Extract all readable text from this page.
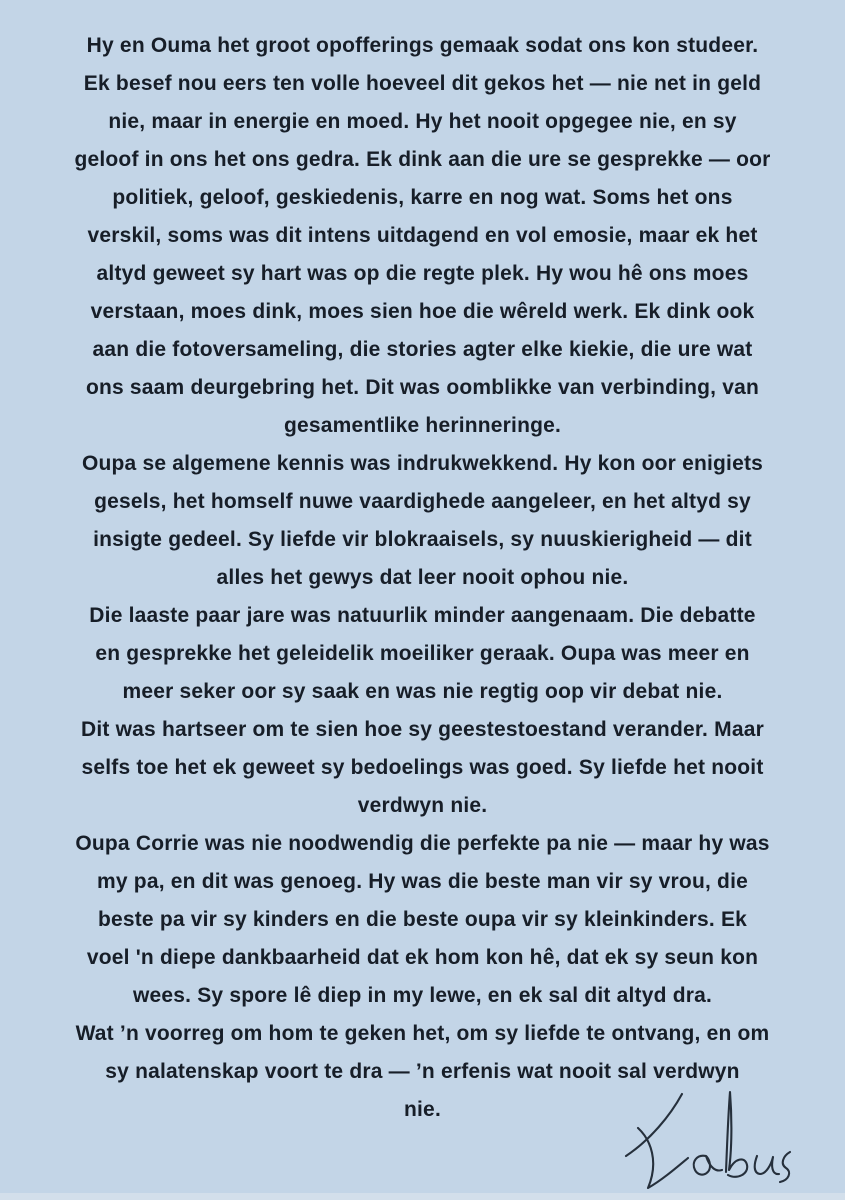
Hy en Ouma het groot opofferings gemaak sodat ons kon studeer.
Ek besef nou eers ten volle hoeveel dit gekos het — nie net in geld
nie, maar in energie en moed. Hy het nooit opgegee nie, en sy
geloof in ons het ons gedra. Ek dink aan die ure se gesprekke — oor
politiek, geloof, geskiedenis, karre en nog wat. Soms het ons
verskil, soms was dit intens uitdagend en vol emosie, maar ek het
altyd geweet sy hart was op die regte plek. Hy wou hê ons moes
verstaan, moes dink, moes sien hoe die wêreld werk. Ek dink ook
aan die fotoversameling, die stories agter elke kiekie, die ure wat
ons saam deurgebring het. Dit was oomblikke van verbinding, van
gesamentlike herinneringe.
Oupa se algemene kennis was indrukwekkend. Hy kon oor enigiets
gesels, het homself nuwe vaardighede aangeleer, en het altyd sy
insigte gedeel. Sy liefde vir blokraaisels, sy nuuskierigheid — dit
alles het gewys dat leer nooit ophou nie.
Die laaste paar jare was natuurlik minder aangenaam. Die debatte
en gesprekke het geleidelik moeiliker geraak. Oupa was meer en
meer seker oor sy saak en was nie regtig oop vir debat nie.
Dit was hartseer om te sien hoe sy geestestoestand verander. Maar
selfs toe het ek geweet sy bedoelings was goed. Sy liefde het nooit
verdwyn nie.
Oupa Corrie was nie noodwendig die perfekte pa nie — maar hy was
my pa, en dit was genoeg. Hy was die beste man vir sy vrou, die
beste pa vir sy kinders en die beste oupa vir sy kleinkinders. Ek
voel 'n diepe dankbaarheid dat ek hom kon hê, dat ek sy seun kon
wees. Sy spore lê diep in my lewe, en ek sal dit altyd dra.
Wat ’n voorreg om hom te geken het, om sy liefde te ontvang, en om
sy nalatenskap voort te dra — ’n erfenis wat nooit sal verdwyn
nie.
